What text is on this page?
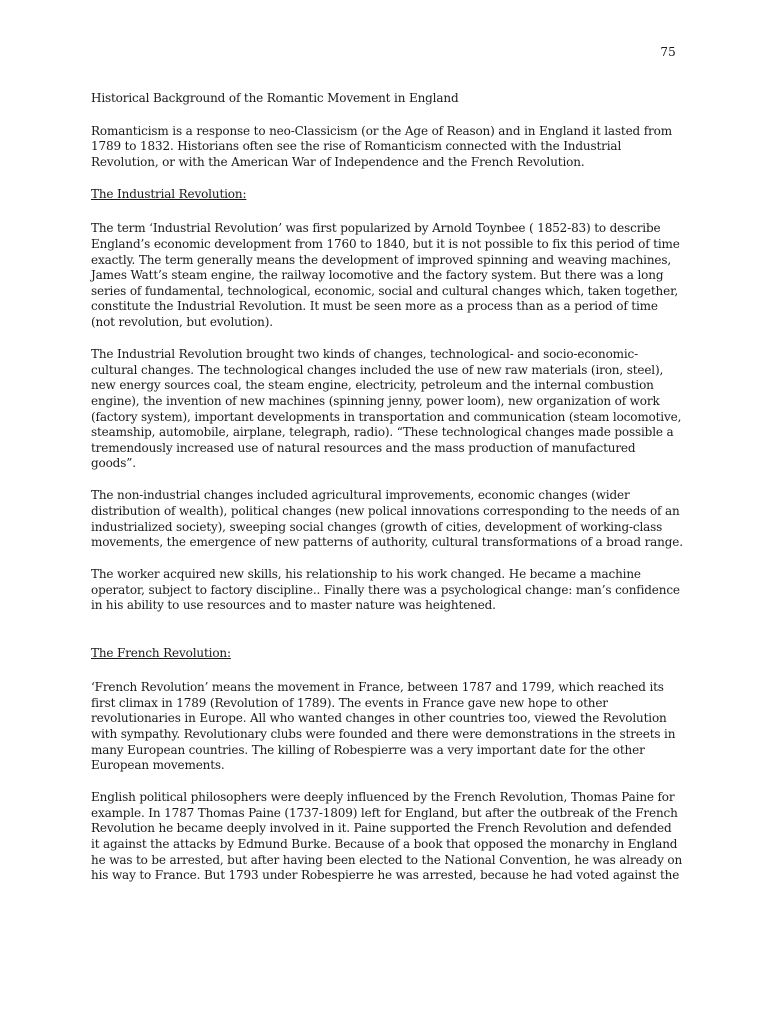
75

Historical Background of the Romantic Movement in England

Romanticism is a response to neo-Classicism (or the Age of Reason) and in England it lasted from 1789 to 1832. Historians often see the rise of Romanticism connected with the Industrial Revolution, or with the American War of Independence and the French Revolution.

The Industrial Revolution:

The term ‘Industrial Revolution’ was first popularized by Arnold Toynbee ( 1852-83) to describe England’s economic development from 1760 to 1840, but it is not possible to fix this period of time exactly. The term generally means the development of improved spinning and weaving machines, James Watt’s steam engine, the railway locomotive and the factory system. But there was a long series of fundamental, technological, economic, social and cultural changes which, taken together, constitute the Industrial Revolution. It must be seen more as a process than as a period of time (not revolution, but evolution).

The Industrial Revolution brought two kinds of changes, technological- and socio-economic-cultural changes. The technological changes included the use of new raw materials (iron, steel), new energy sources coal, the steam engine, electricity, petroleum and the internal combustion engine), the invention of new machines (spinning jenny, power loom), new organization of work (factory system), important developments in transportation and communication (steam locomotive, steamship, automobile, airplane, telegraph, radio). “These technological changes made possible a tremendously increased use of natural resources and the mass production of manufactured goods”.

The non-industrial changes included agricultural improvements, economic changes (wider distribution of wealth), political changes (new polical innovations corresponding to the needs of an industrialized society), sweeping social changes (growth of cities, development of working-class movements, the emergence of new patterns of authority, cultural transformations of a broad range.

The worker acquired new skills, his relationship to his work changed. He became a machine operator, subject to factory discipline.. Finally there was a psychological change: man’s confidence in his ability to use resources and to master nature was heightened.

The French Revolution:

‘French Revolution’ means the movement in France, between 1787 and 1799, which reached its first climax in 1789 (Revolution of 1789). The events in France gave new hope to other revolutionaries in Europe. All who wanted changes in other countries too, viewed the Revolution with sympathy. Revolutionary clubs were founded and there were demonstrations in the streets in many European countries. The killing of Robespierre was a very important date for the other European movements.

English political philosophers were deeply influenced by the French Revolution, Thomas Paine for example. In 1787 Thomas Paine (1737-1809) left for England, but after the outbreak of the French Revolution he became deeply involved in it. Paine supported the French Revolution and defended it against the attacks by Edmund Burke. Because of a book that opposed the monarchy in England he was to be arrested, but after having been elected to the National Convention, he was already on his way to France. But 1793 under Robespierre he was arrested, because he had voted against the
